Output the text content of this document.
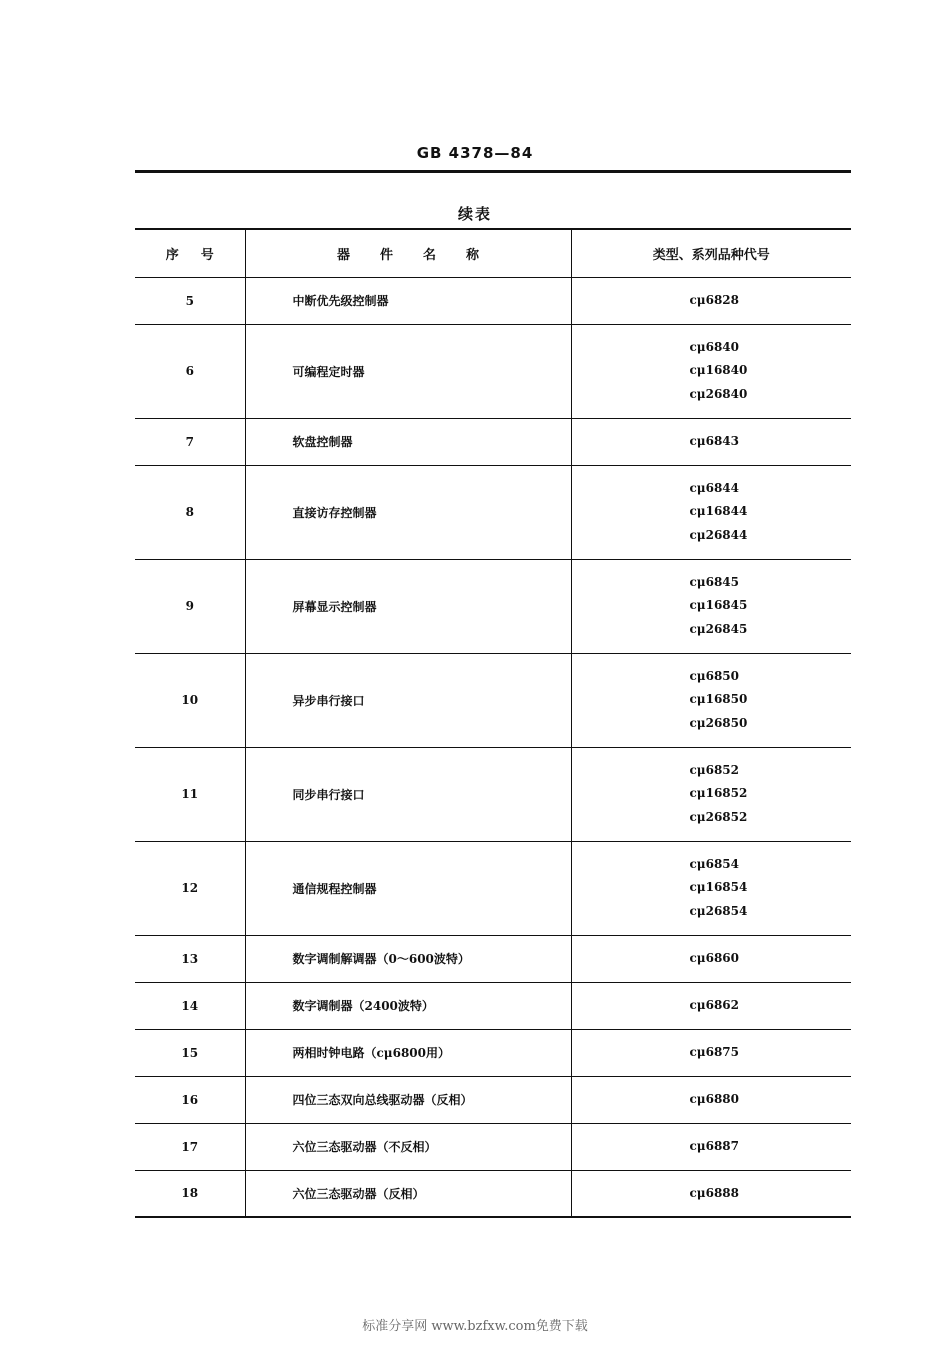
GB 4378—84
续表
序号	器件名称	类型、系列品种代号
5	中断优先级控制器	cμ6828

6	可编程定时器	cμ6840
cμ16840
cμ26840

7	软盘控制器	cμ6843

8	直接访存控制器	cμ6844
cμ16844
cμ26844

9	屏幕显示控制器	cμ6845
cμ16845
cμ26845

10	异步串行接口	cμ6850
cμ16850
cμ26850

11	同步串行接口	cμ6852
cμ16852
cμ26852

12	通信规程控制器	cμ6854
cμ16854
cμ26854

13	数字调制解调器（0～600波特）	cμ6860

14	数字调制器（2400波特）	cμ6862

15	两相时钟电路（cμ6800用）	cμ6875

16	四位三态双向总线驱动器（反相）	cμ6880

17	六位三态驱动器（不反相）	cμ6887

18	六位三态驱动器（反相）	cμ6888
标准分享网 www.bzfxw.com免费下载
